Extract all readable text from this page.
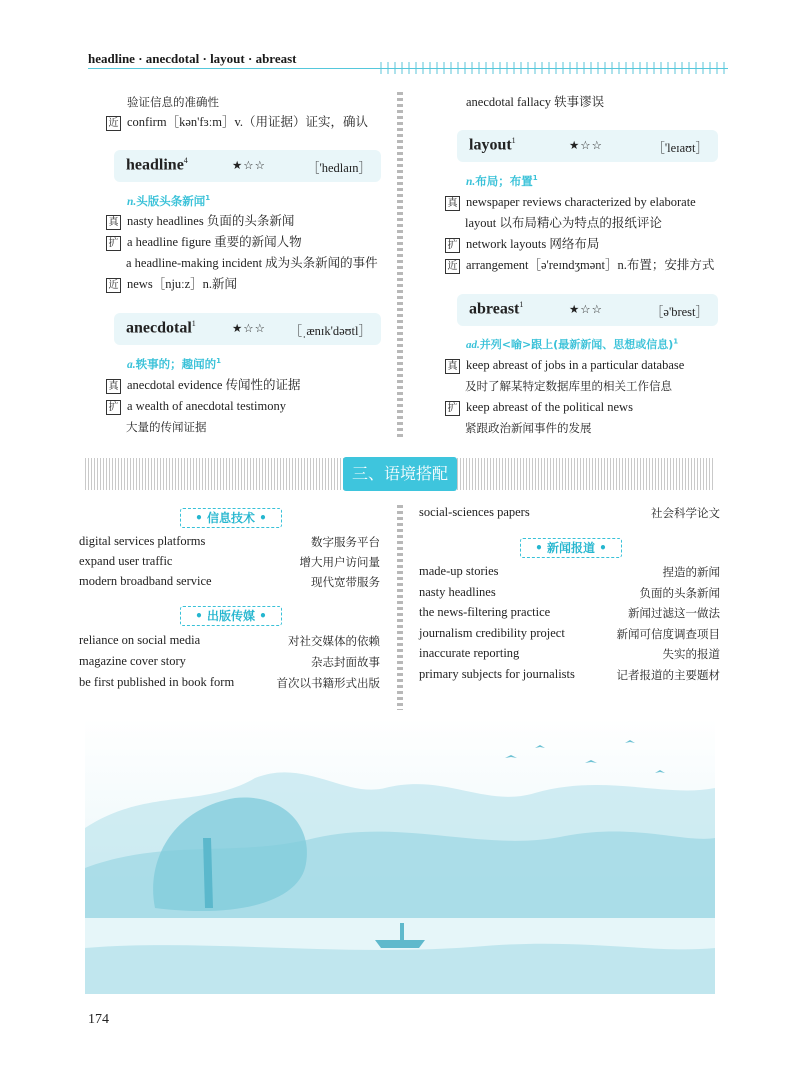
headline · anecdotal · layout · abreast
验证信息的准确性
近 confirm［kən'fɜːm］v.（用证据）证实，确认
headline$^4$	★☆☆	［'hedlaɪn］
n.头版头条新闻$^1$
真 nasty headlines 负面的头条新闻
扩 a headline figure 重要的新闻人物
a headline-making incident 成为头条新闻的事件
近 news［njuːz］n.新闻
anecdotal$^1$	★☆☆ ［ˌænɪk'dəʊtl］
a.轶事的；趣闻的$^1$
真 anecdotal evidence 传闻性的证据
扩 a wealth of anecdotal testimony
大量的传闻证据
anecdotal fallacy 轶事谬误
layout$^1$	★☆☆	［'leɪaʊt］
n.布局；布置$^1$
真 newspaper reviews characterized by elaborate
layout 以布局精心为特点的报纸评论
扩 network layouts 网络布局
近 arrangement［ə'reɪndʒmənt］n.布置；安排方式
abreast$^1$	★☆☆	［ə'brest］
ad.并列<喻>跟上(最新新闻、思想或信息)$^1$
真 keep abreast of jobs in a particular database
及时了解某特定数据库里的相关工作信息
扩 keep abreast of the political news
紧跟政治新闻事件的发展
三、语境搭配
• 信息技术 •
digital services platforms	数字服务平台
expand user traffic	增大用户访问量
modern broadband service	现代宽带服务
• 出版传媒 •
reliance on social media	对社交媒体的依赖
magazine cover story	杂志封面故事
be first published in book form	首次以书籍形式出版
social-sciences papers	社会科学论文
• 新闻报道 •
made-up stories	捏造的新闻
nasty headlines	负面的头条新闻
the news-filtering practice	新闻过滤这一做法
journalism credibility project	新闻可信度调查项目
inaccurate reporting	失实的报道
primary subjects for journalists	记者报道的主要题材
174
